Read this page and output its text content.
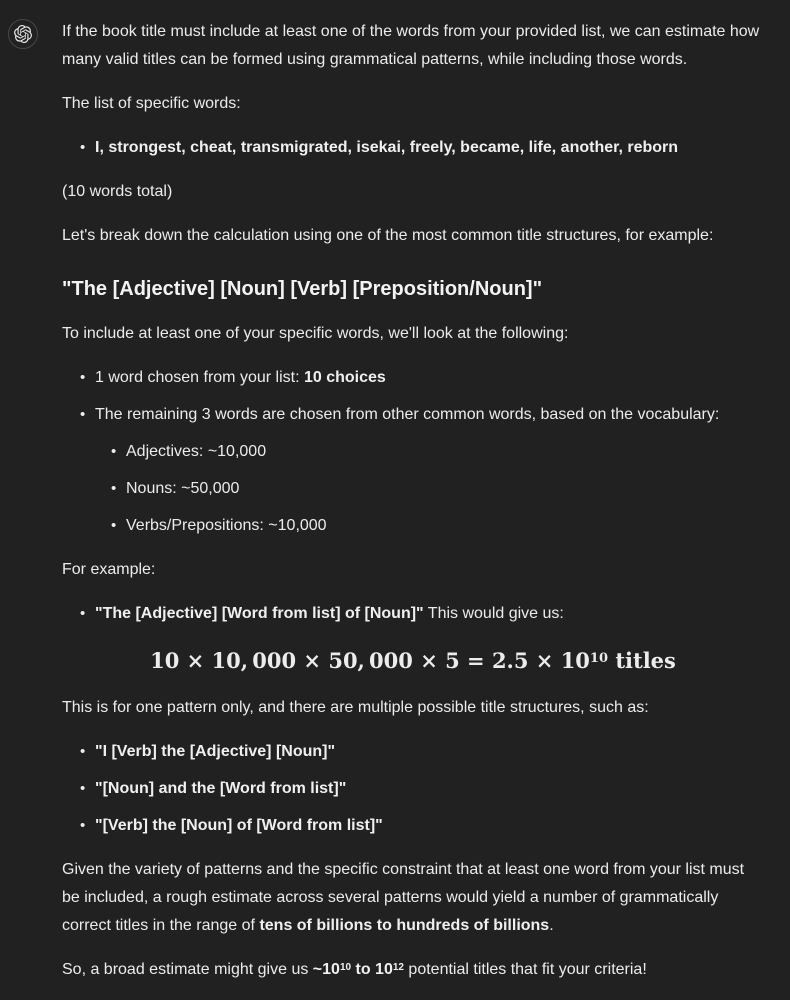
If the book title must include at least one of the words from your provided list, we can estimate how many valid titles can be formed using grammatical patterns, while including those words.

The list of specific words:

• I, strongest, cheat, transmigrated, isekai, freely, became, life, another, reborn

(10 words total)

Let's break down the calculation using one of the most common title structures, for example:

"The [Adjective] [Noun] [Verb] [Preposition/Noun]"

To include at least one of your specific words, we'll look at the following:

• 1 word chosen from your list: 10 choices
• The remaining 3 words are chosen from other common words, based on the vocabulary:
• Adjectives: ~10,000
• Nouns: ~50,000
• Verbs/Prepositions: ~10,000

For example:

• "The [Adjective] [Word from list] of [Noun]" This would give us:
10 × 10, 000 × 50, $000 \times 5 = 2.5 \times 10^{10}$ titles

This is for one pattern only, and there are multiple possible title structures, such as:

• "I [Verb] the [Adjective] [Noun]"
• "[Noun] and the [Word from list]"
• "[Verb] the [Noun] of [Word from list]"

Given the variety of patterns and the specific constraint that at least one word from your list must be included, a rough estimate across several patterns would yield a number of grammatically correct titles in the range of tens of billions to hundreds of billions.

So, a broad estimate might give us $\sim 10^{10}$ to $10^{12}$ potential titles that fit your criteria!
